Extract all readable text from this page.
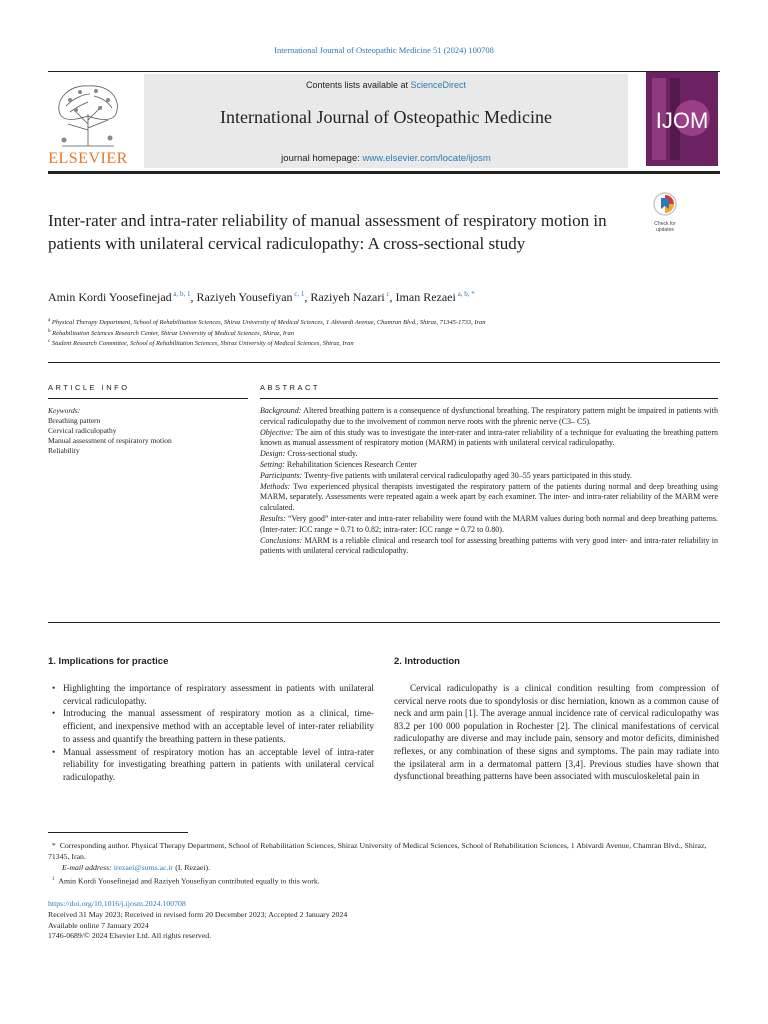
International Journal of Osteopathic Medicine 51 (2024) 100708
ELSEVIER
Contents lists available at ScienceDirect
International Journal of Osteopathic Medicine
journal homepage: www.elsevier.com/locate/ijosm
IJOM
Check for
updates
Inter-rater and intra-rater reliability of manual assessment of respiratory motion in patients with unilateral cervical radiculopathy: A cross-sectional study
Amin Kordi Yoosefinejad $^{a, b, 1}$, Raziyeh Yousefiyan $^{c, 1}$, Raziyeh Nazari $^c$, Iman Rezaei $^{a, b, *}$
$^a$ Physical Therapy Department, School of Rehabilitation Sciences, Shiraz University of Medical Sciences, 1 Abivardi Avenue, Chamran Blvd., Shiraz, 71345-1733, Iran
$^b$ Rehabilitation Sciences Research Center, Shiraz University of Medical Sciences, Shiraz, Iran
$^c$ Student Research Committee, School of Rehabilitation Sciences, Shiraz University of Medical Sciences, Shiraz, Iran
ARTICLE INFO
Keywords:
Breathing pattern
Cervical radiculopathy
Manual assessment of respiratory motion
Reliability
ABSTRACT

Background: Altered breathing pattern is a consequence of dysfunctional breathing. The respiratory pattern might be impaired in patients with cervical radiculopathy due to the involvement of common nerve roots with the phrenic nerve (C3– C5).

Objective: The aim of this study was to investigate the inter-rater and intra-rater reliability of a technique for evaluating the breathing pattern known as manual assessment of respiratory motion (MARM) in patients with unilateral cervical radiculopathy.

Design: Cross-sectional study.

Setting: Rehabilitation Sciences Research Center

Participants: Twenty-five patients with unilateral cervical radiculopathy aged 30–55 years participated in this study.

Methods: Two experienced physical therapists investigated the respiratory pattern of the patients during normal and deep breathing using MARM, separately. Assessments were repeated again a week apart by each examiner. The inter- and intra-rater reliability of the MARM were calculated.

Results: “Very good” inter-rater and intra-rater reliability were found with the MARM values during both normal and deep breathing patterns. (Inter-rater: ICC range = 0.71 to 0.82; intra-rater: ICC range = 0.72 to 0.80).

Conclusions: MARM is a reliable clinical and research tool for assessing breathing patterns with very good inter- and intra-rater reliability in patients with unilateral cervical radiculopathy.

1. Implications for practice
• Highlighting the importance of respiratory assessment in patients with unilateral cervical radiculopathy.
• Introducing the manual assessment of respiratory motion as a clinical, time-efficient, and inexpensive method with an acceptable level of inter-rater reliability to assess and quantify the breathing pattern in these patients.
• Manual assessment of respiratory motion has an acceptable level of intra-rater reliability for investigating breathing pattern in patients with unilateral cervical radiculopathy.
2. Introduction
Cervical radiculopathy is a clinical condition resulting from compression of cervical nerve roots due to spondylosis or disc herniation, known as a common cause of neck and arm pain [1]. The average annual incidence rate of cervical radiculopathy was 83.2 per 100 000 population in Rochester [2]. The clinical manifestations of cervical radiculopathy are diverse and may include pain, sensory and motor deficits, diminished reflexes, or any combination of these signs and symptoms. The pain may radiate into the ipsilateral arm in a dermatomal pattern [3,4]. Previous studies have shown that dysfunctional breathing patterns have been associated with musculoskeletal pain in

*  Corresponding author. Physical Therapy Department, School of Rehabilitation Sciences, Shiraz University of Medical Sciences, School of Rehabilitation Sciences, 1 Abivardi Avenue, Chamran Blvd., Shiraz, 71345, Iran.

E-mail address: irezaei@sums.ac.ir (I. Rezaei).

$^1$ Amin Kordi Yoosefinejad and Raziyeh Yousefiyan contributed equally to this work.

https://doi.org/10.1016/j.ijosm.2024.100708
Received 31 May 2023; Received in revised form 20 December 2023; Accepted 2 January 2024
Available online 7 January 2024
1746-0689/© 2024 Elsevier Ltd. All rights reserved.
